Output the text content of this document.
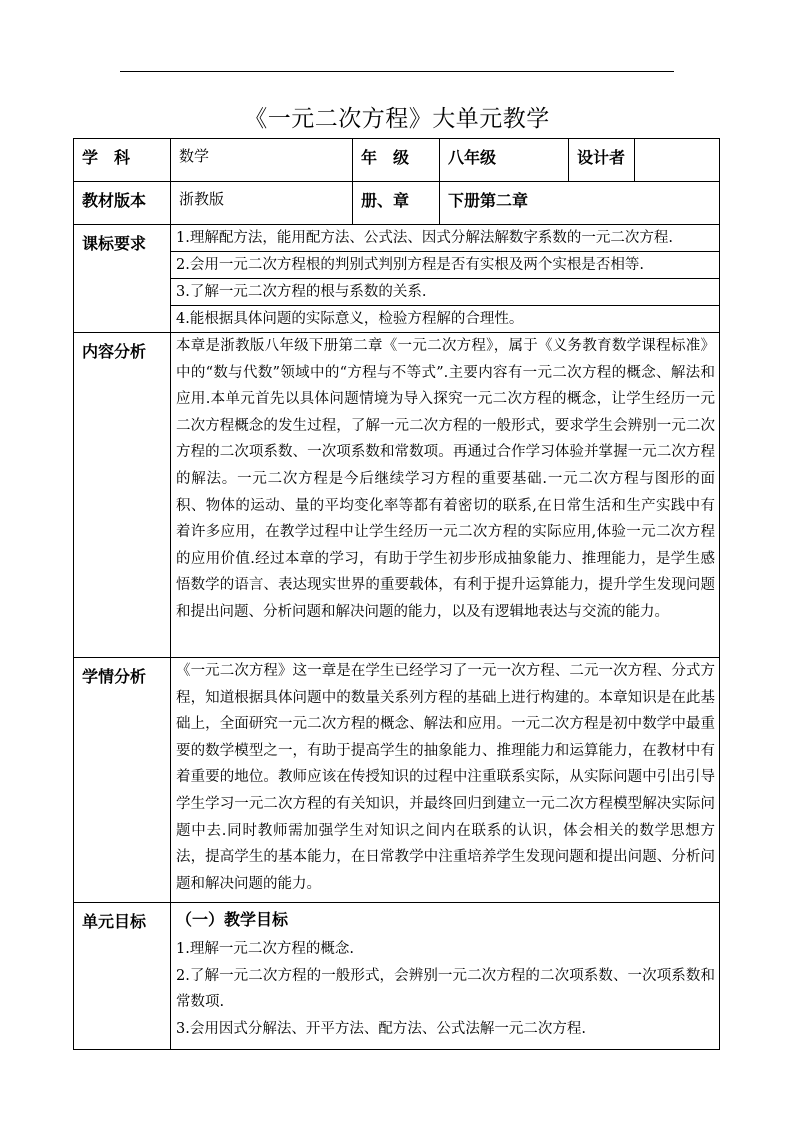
《一元二次方程》大单元教学
学　科	数学	年　级	八年级	设计者	
教材版本	浙教版	册、章	下册第二章		
课标要求	1.理解配方法，能用配方法、公式法、因式分解法解数字系数的一元二次方程.
2.会用一元二次方程根的判别式判别方程是否有实根及两个实根是否相等.
3.了解一元二次方程的根与系数的关系.
4.能根据具体问题的实际意义，检验方程解的合理性。				

内容分析	本章是浙教版八年级下册第二章《一元二次方程》，属于《义务教育数学课程标准》中的“数与代数”领域中的“方程与不等式”.主要内容有一元二次方程的概念、解法和应用.本单元首先以具体问题情境为导入探究一元二次方程的概念，让学生经历一元二次方程概念的发生过程，了解一元二次方程的一般形式，要求学生会辨别一元二次方程的二次项系数、一次项系数和常数项。再通过合作学习体验并掌握一元二次方程的解法。一元二次方程是今后继续学习方程的重要基础.一元二次方程与图形的面积、物体的运动、量的平均变化率等都有着密切的联系,在日常生活和生产实践中有着许多应用，在教学过程中让学生经历一元二次方程的实际应用,体验一元二次方程的应用价值.经过本章的学习，有助于学生初步形成抽象能力、推理能力，是学生感悟数学的语言、表达现实世界的重要载体，有利于提升运算能力，提升学生发现问题和提出问题、分析问题和解决问题的能力，以及有逻辑地表达与交流的能力。				

学情分析	《一元二次方程》这一章是在学生已经学习了一元一次方程、二元一次方程、分式方程，知道根据具体问题中的数量关系列方程的基础上进行构建的。本章知识是在此基础上，全面研究一元二次方程的概念、解法和应用。一元二次方程是初中数学中最重要的数学模型之一，有助于提高学生的抽象能力、推理能力和运算能力，在教材中有着重要的地位。教师应该在传授知识的过程中注重联系实际，从实际问题中引出引导学生学习一元二次方程的有关知识，并最终回归到建立一元二次方程模型解决实际问题中去.同时教师需加强学生对知识之间内在联系的认识，体会相关的数学思想方法，提高学生的基本能力，在日常教学中注重培养学生发现问题和提出问题、分析问题和解决问题的能力。				

单元目标	（一）教学目标
1.理解一元二次方程的概念.
2.了解一元二次方程的一般形式，会辨别一元二次方程的二次项系数、一次项系数和常数项.
3.会用因式分解法、开平方法、配方法、公式法解一元二次方程.				
